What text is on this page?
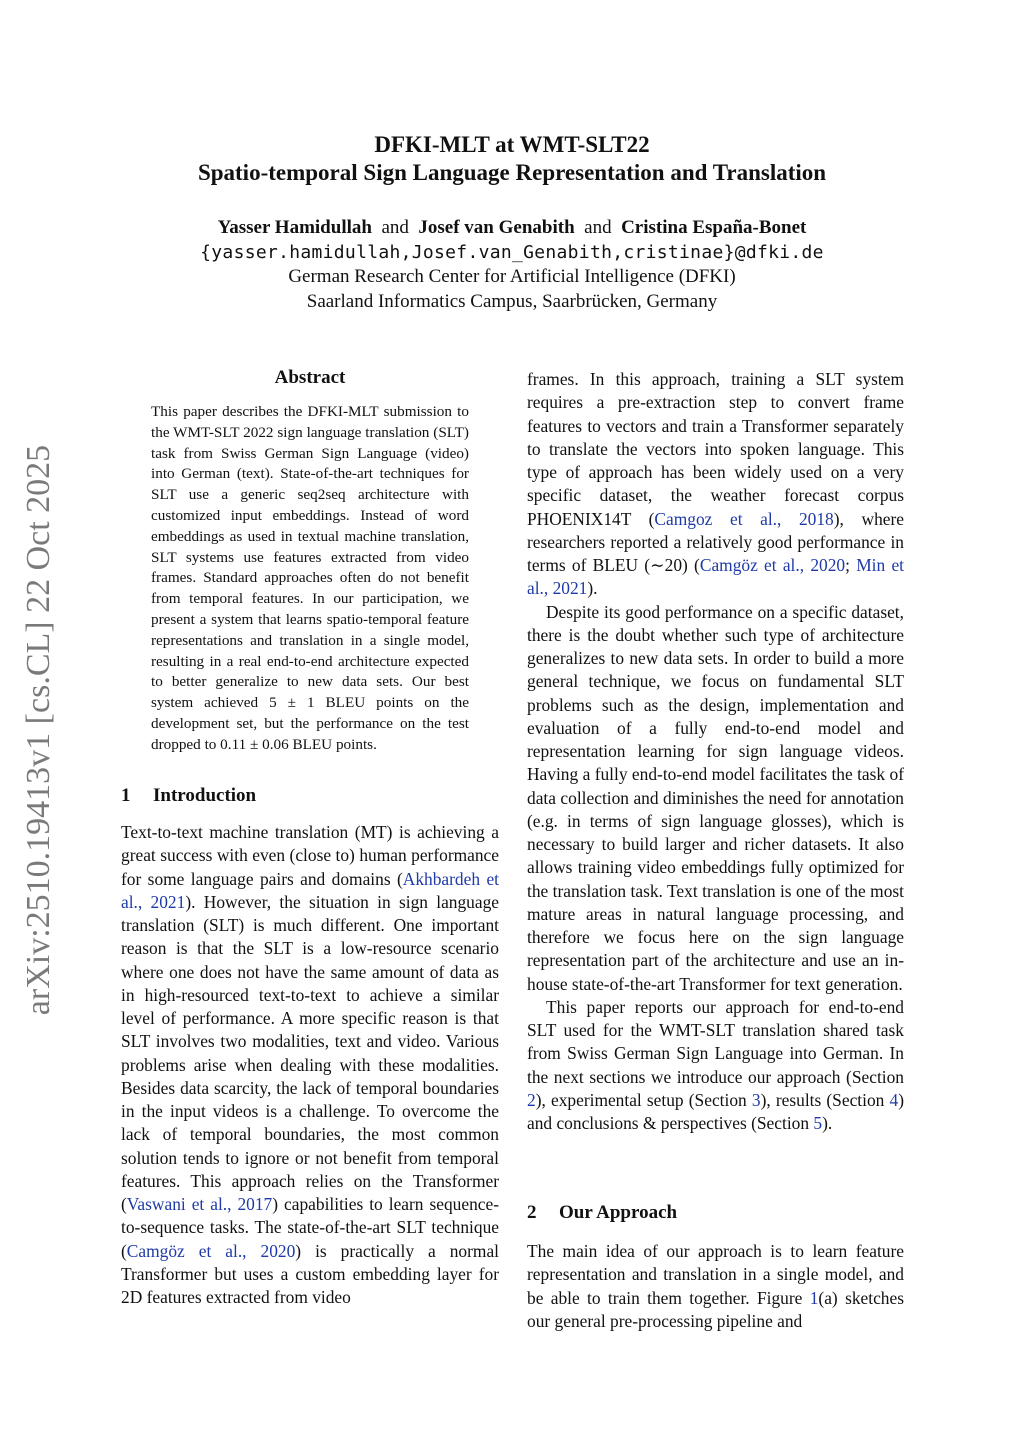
arXiv:2510.19413v1 [cs.CL] 22 Oct 2025
DFKI-MLT at WMT-SLT22
Spatio-temporal Sign Language Representation and Translation
Yasser Hamidullah and Josef van Genabith and Cristina España-Bonet
{yasser.hamidullah,Josef.van_Genabith,cristinae}@dfki.de
German Research Center for Artificial Intelligence (DFKI)
Saarland Informatics Campus, Saarbrücken, Germany
Abstract
This paper describes the DFKI-MLT submission to the WMT-SLT 2022 sign language translation (SLT) task from Swiss German Sign Language (video) into German (text). State-of-the-art techniques for SLT use a generic seq2seq architecture with customized input embeddings. Instead of word embeddings as used in textual machine translation, SLT systems use features extracted from video frames. Standard approaches often do not benefit from temporal features. In our participation, we present a system that learns spatio-temporal feature representations and translation in a single model, resulting in a real end-to-end architecture expected to better generalize to new data sets. Our best system achieved 5 ± 1 BLEU points on the development set, but the performance on the test dropped to 0.11 ± 0.06 BLEU points.
1 Introduction

Text-to-text machine translation (MT) is achieving a great success with even (close to) human performance for some language pairs and domains (Akhbardeh et al., 2021). However, the situation in sign language translation (SLT) is much different. One important reason is that the SLT is a low-resource scenario where one does not have the same amount of data as in high-resourced text-to-text to achieve a similar level of performance. A more specific reason is that SLT involves two modalities, text and video. Various problems arise when dealing with these modalities. Besides data scarcity, the lack of temporal boundaries in the input videos is a challenge. To overcome the lack of temporal boundaries, the most common solution tends to ignore or not benefit from temporal features. This approach relies on the Transformer (Vaswani et al., 2017) capabilities to learn sequence-to-sequence tasks. The state-of-the-art SLT technique (Camgöz et al., 2020) is practically a normal Transformer but uses a custom embedding layer for 2D features extracted from video

frames. In this approach, training a SLT system requires a pre-extraction step to convert frame features to vectors and train a Transformer separately to translate the vectors into spoken language. This type of approach has been widely used on a very specific dataset, the weather forecast corpus PHOENIX14T (Camgoz et al., 2018), where researchers reported a relatively good performance in terms of BLEU (∼20) (Camgöz et al., 2020; Min et al., 2021).

Despite its good performance on a specific dataset, there is the doubt whether such type of architecture generalizes to new data sets. In order to build a more general technique, we focus on fundamental SLT problems such as the design, implementation and evaluation of a fully end-to-end model and representation learning for sign language videos. Having a fully end-to-end model facilitates the task of data collection and diminishes the need for annotation (e.g. in terms of sign language glosses), which is necessary to build larger and richer datasets. It also allows training video embeddings fully optimized for the translation task. Text translation is one of the most mature areas in natural language processing, and therefore we focus here on the sign language representation part of the architecture and use an in-house state-of-the-art Transformer for text generation.

This paper reports our approach for end-to-end SLT used for the WMT-SLT translation shared task from Swiss German Sign Language into German. In the next sections we introduce our approach (Section 2), experimental setup (Section 3), results (Section 4) and conclusions & perspectives (Section 5).

2 Our Approach

The main idea of our approach is to learn feature representation and translation in a single model, and be able to train them together. Figure 1(a) sketches our general pre-processing pipeline and
